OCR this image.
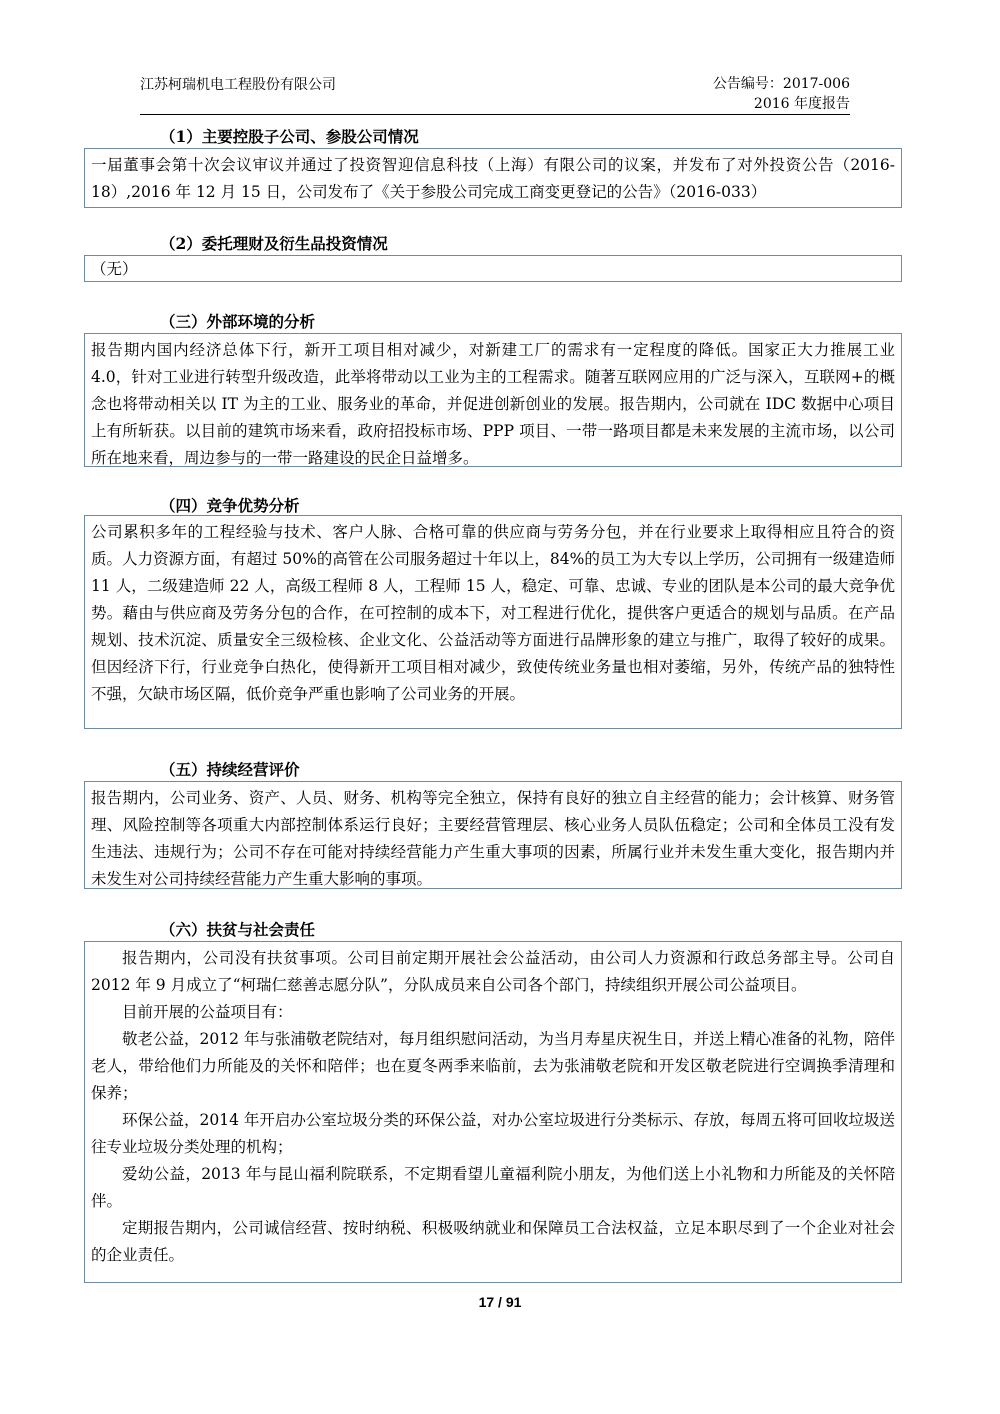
江苏柯瑞机电工程股份有限公司	公告编号：2017-006
2016 年度报告
（1）主要控股子公司、参股公司情况

一届董事会第十次会议审议并通过了投资智迎信息科技（上海）有限公司的议案，并发布了对外投资公告（2016-18）,2016 年 12 月 15 日，公司发布了《关于参股公司完成工商变更登记的公告》（2016-033）

（2）委托理财及衍生品投资情况

（无）

（三）外部环境的分析

报告期内国内经济总体下行，新开工项目相对减少，对新建工厂的需求有一定程度的降低。国家正大力推展工业 4.0，针对工业进行转型升级改造，此举将带动以工业为主的工程需求。随著互联网应用的广泛与深入，互联网+的概念也将带动相关以 IT 为主的工业、服务业的革命，并促进创新创业的发展。报告期内，公司就在 IDC 数据中心项目上有所斩获。以目前的建筑市场来看，政府招投标市场、PPP 项目、一带一路项目都是未来发展的主流市场，以公司所在地来看，周边参与的一带一路建设的民企日益增多。

（四）竞争优势分析

公司累积多年的工程经验与技术、客户人脉、合格可靠的供应商与劳务分包，并在行业要求上取得相应且符合的资质。人力资源方面，有超过 50%的高管在公司服务超过十年以上，84%的员工为大专以上学历，公司拥有一级建造师 11 人，二级建造师 22 人，高级工程师 8 人，工程师 15 人，稳定、可靠、忠诚、专业的团队是本公司的最大竞争优势。藉由与供应商及劳务分包的合作，在可控制的成本下，对工程进行优化，提供客户更适合的规划与品质。在产品规划、技术沉淀、质量安全三级检核、企业文化、公益活动等方面进行品牌形象的建立与推广，取得了较好的成果。但因经济下行，行业竞争白热化，使得新开工项目相对减少，致使传统业务量也相对萎缩，另外，传统产品的独特性不强，欠缺市场区隔，低价竞争严重也影响了公司业务的开展。

（五）持续经营评价

报告期内，公司业务、资产、人员、财务、机构等完全独立，保持有良好的独立自主经营的能力；会计核算、财务管理、风险控制等各项重大内部控制体系运行良好；主要经营管理层、核心业务人员队伍稳定；公司和全体员工没有发生违法、违规行为；公司不存在可能对持续经营能力产生重大事项的因素，所属行业并未发生重大变化，报告期内并未发生对公司持续经营能力产生重大影响的事项。

（六）扶贫与社会责任

报告期内，公司没有扶贫事项。公司目前定期开展社会公益活动，由公司人力资源和行政总务部主导。公司自 2012 年 9 月成立了“柯瑞仁慈善志愿分队”，分队成员来自公司各个部门，持续组织开展公司公益项目。

目前开展的公益项目有：

敬老公益，2012 年与张浦敬老院结对，每月组织慰问活动，为当月寿星庆祝生日，并送上精心准备的礼物，陪伴老人，带给他们力所能及的关怀和陪伴；也在夏冬两季来临前，去为张浦敬老院和开发区敬老院进行空调换季清理和保养；

环保公益，2014 年开启办公室垃圾分类的环保公益，对办公室垃圾进行分类标示、存放，每周五将可回收垃圾送往专业垃圾分类处理的机构；

爱幼公益，2013 年与昆山福利院联系，不定期看望儿童福利院小朋友，为他们送上小礼物和力所能及的关怀陪伴。

定期报告期内，公司诚信经营、按时纳税、积极吸纳就业和保障员工合法权益，立足本职尽到了一个企业对社会的企业责任。

17 / 91
